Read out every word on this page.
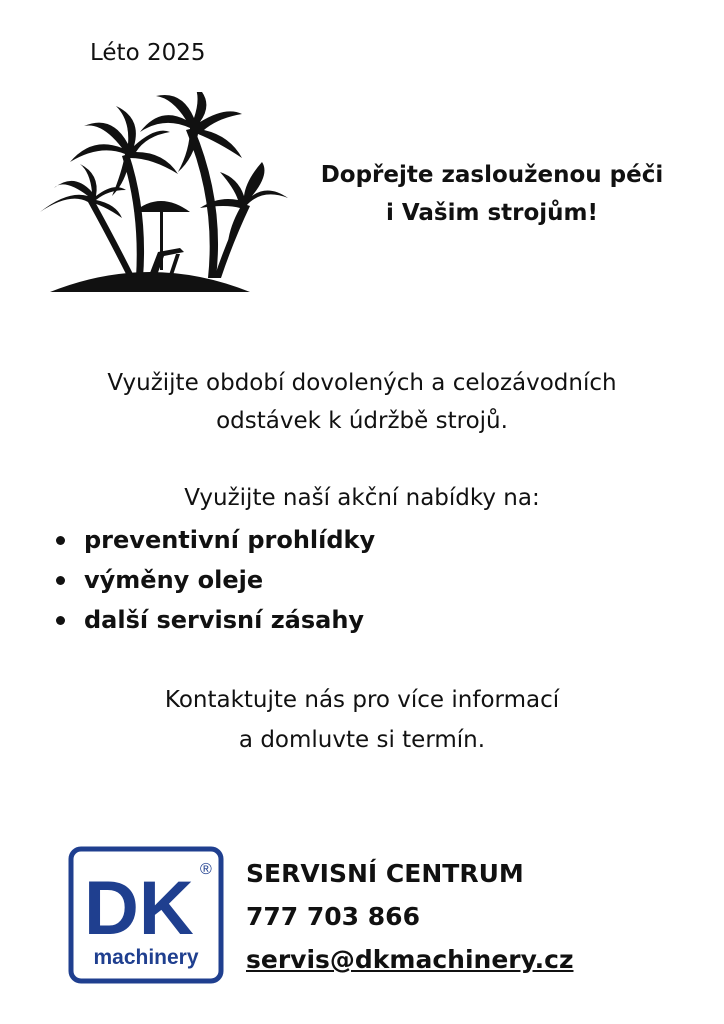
Léto 2025
Dopřejte zaslouženou péči
i Vašim strojům!
Využijte období dovolených a celozávodních
odstávek k údržbě strojů.
Využijte naší akční nabídky na:
preventivní prohlídky
výměny oleje
další servisní zásahy
Kontaktujte nás pro více informací
a domluvte si termín.
DK ®
machinery
SERVISNÍ CENTRUM
777 703 866
servis@dkmachinery.cz
